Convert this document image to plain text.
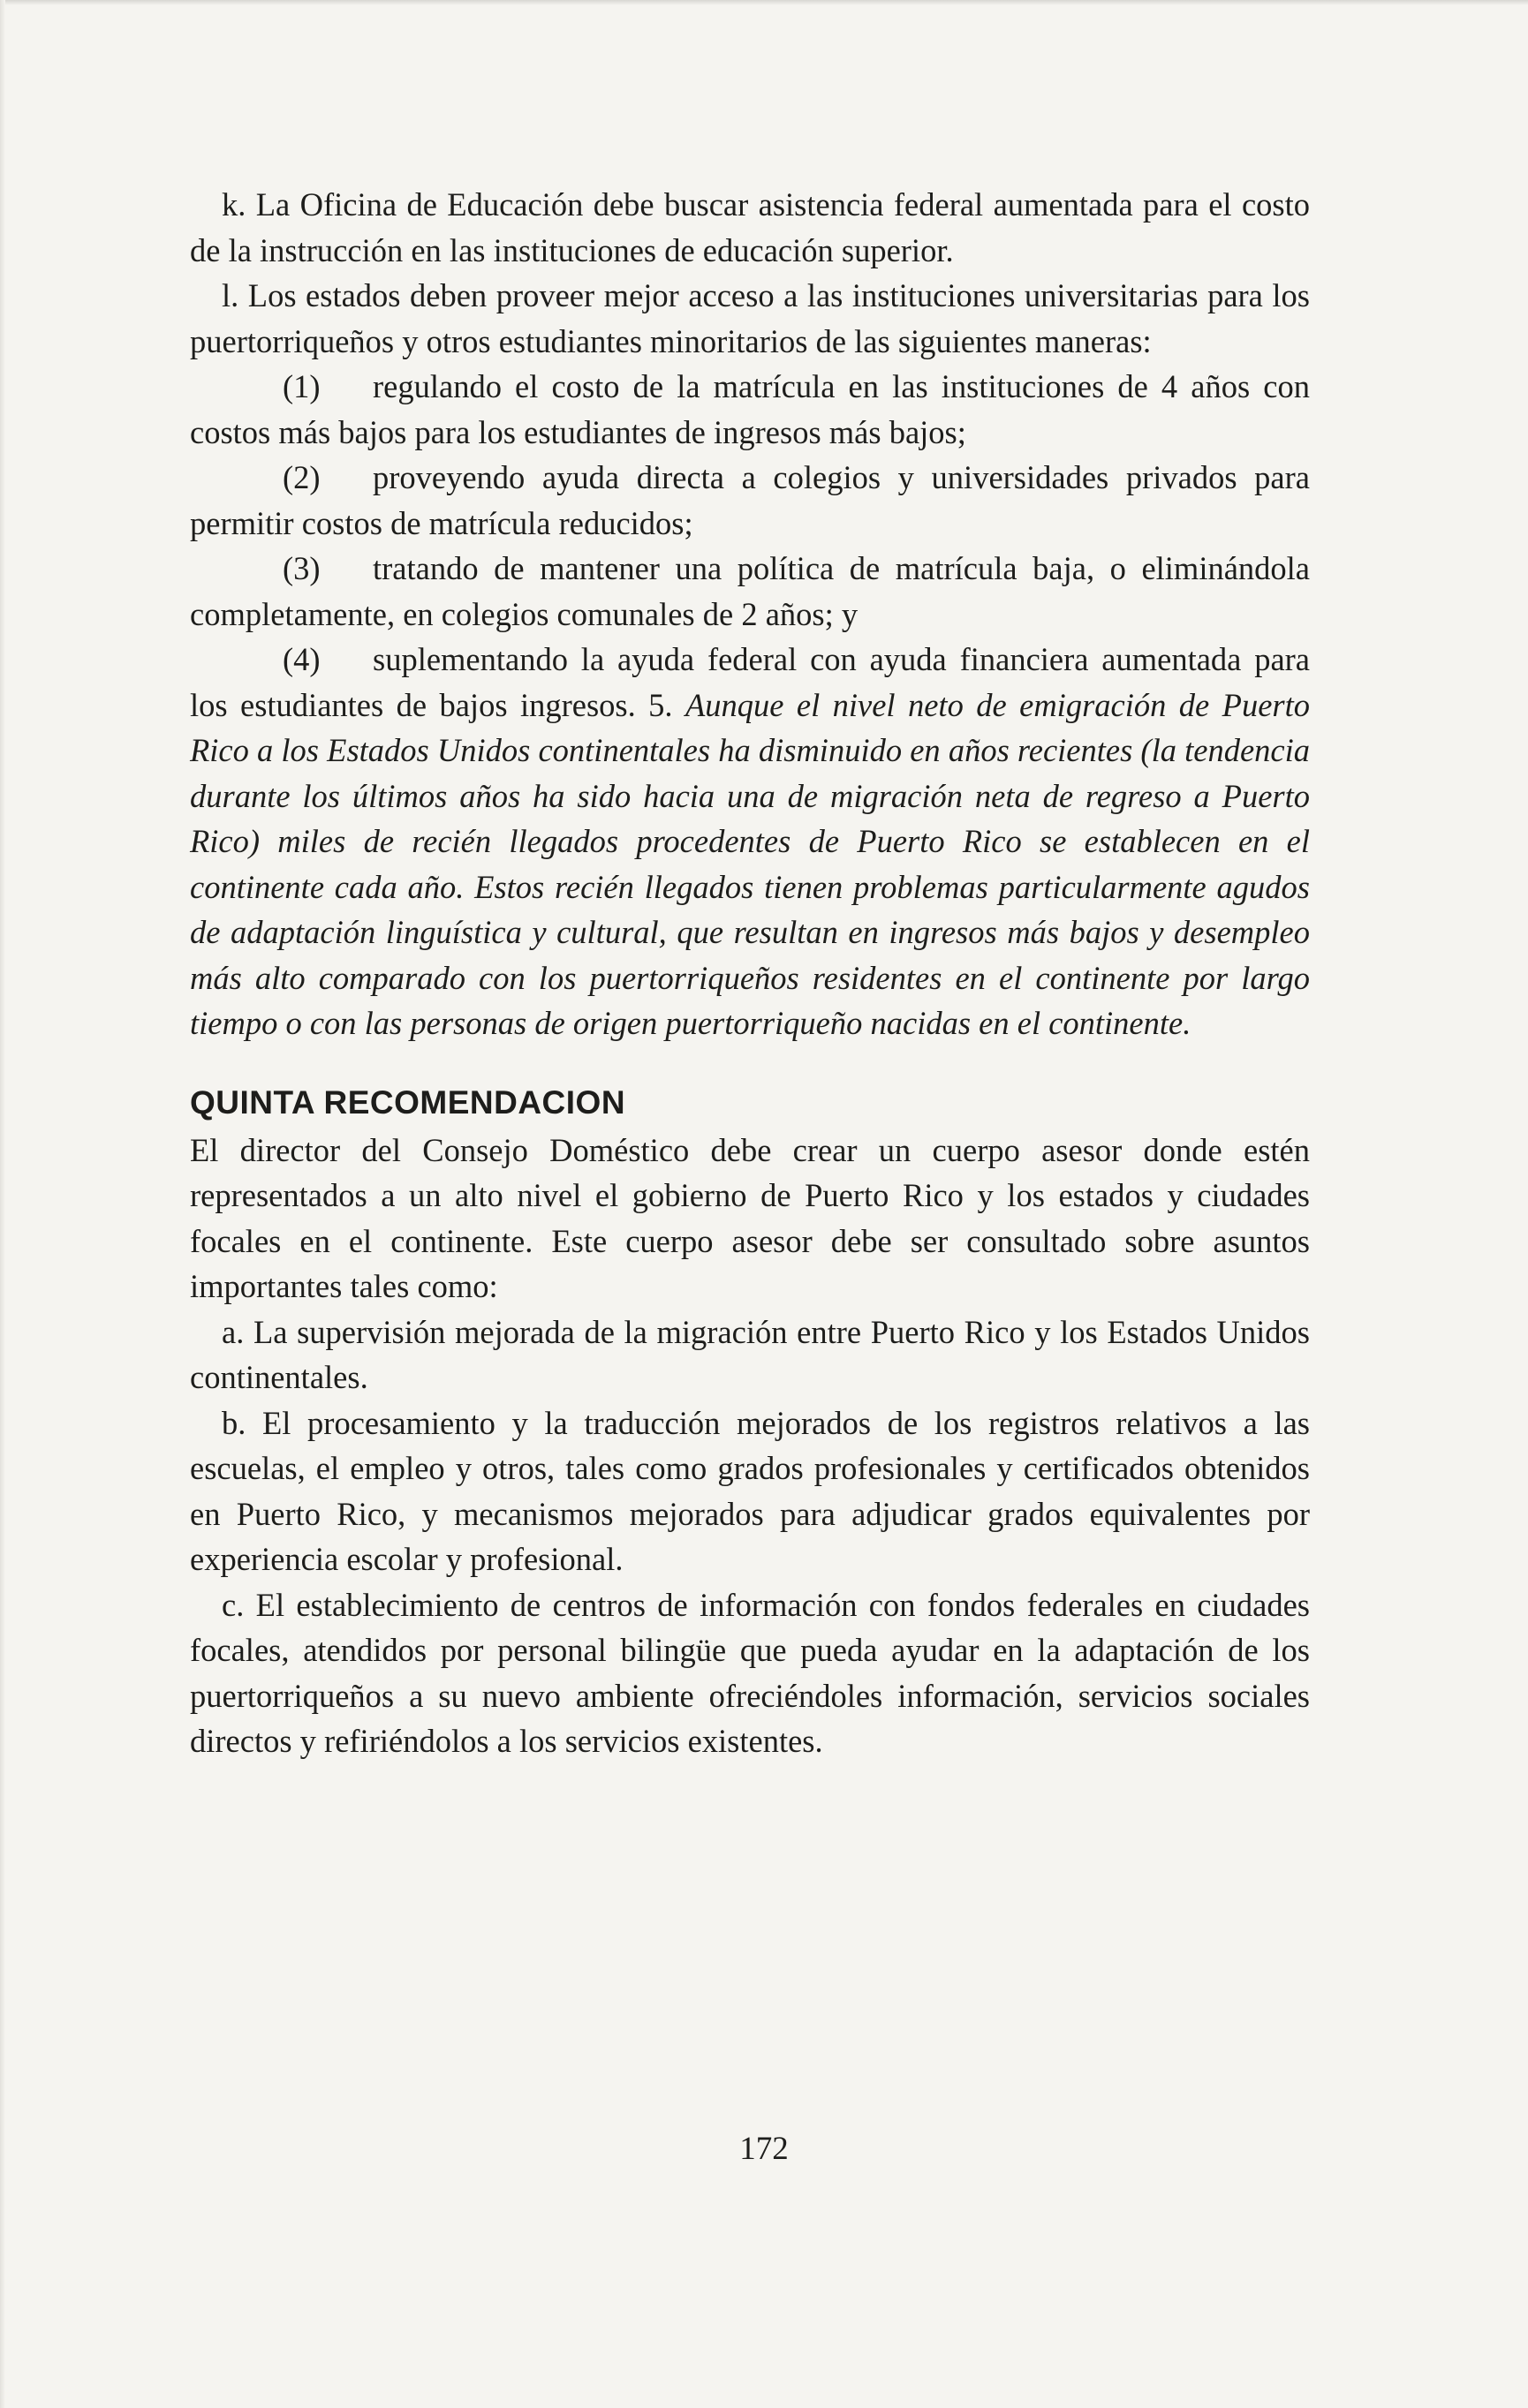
k. La Oficina de Educación debe buscar asistencia federal aumentada para el costo de la instrucción en las instituciones de educación superior.

l. Los estados deben proveer mejor acceso a las instituciones universitarias para los puertorriqueños y otros estudiantes minoritarios de las siguientes maneras:

(1) regulando el costo de la matrícula en las instituciones de 4 años con costos más bajos para los estudiantes de ingresos más bajos;

(2) proveyendo ayuda directa a colegios y universidades privados para permitir costos de matrícula reducidos;

(3) tratando de mantener una política de matrícula baja, o eliminándola completamente, en colegios comunales de 2 años; y

(4) suplementando la ayuda federal con ayuda financiera aumentada para los estudiantes de bajos ingresos. 5. Aunque el nivel neto de emigración de Puerto Rico a los Estados Unidos continentales ha disminuido en años recientes (la tendencia durante los últimos años ha sido hacia una de migración neta de regreso a Puerto Rico) miles de recién llegados procedentes de Puerto Rico se establecen en el continente cada año. Estos recién llegados tienen problemas particularmente agudos de adaptación linguística y cultural, que resultan en ingresos más bajos y desempleo más alto comparado con los puertorriqueños residentes en el continente por largo tiempo o con las personas de origen puertorriqueño nacidas en el continente.

QUINTA RECOMENDACION

El director del Consejo Doméstico debe crear un cuerpo asesor donde estén representados a un alto nivel el gobierno de Puerto Rico y los estados y ciudades focales en el continente. Este cuerpo asesor debe ser consultado sobre asuntos importantes tales como:

a. La supervisión mejorada de la migración entre Puerto Rico y los Estados Unidos continentales.

b. El procesamiento y la traducción mejorados de los registros relativos a las escuelas, el empleo y otros, tales como grados profesionales y certificados obtenidos en Puerto Rico, y mecanismos mejorados para adjudicar grados equivalentes por experiencia escolar y profesional.

c. El establecimiento de centros de información con fondos federales en ciudades focales, atendidos por personal bilingüe que pueda ayudar en la adaptación de los puertorriqueños a su nuevo ambiente ofreciéndoles información, servicios sociales directos y refiriéndolos a los servicios existentes.

172
